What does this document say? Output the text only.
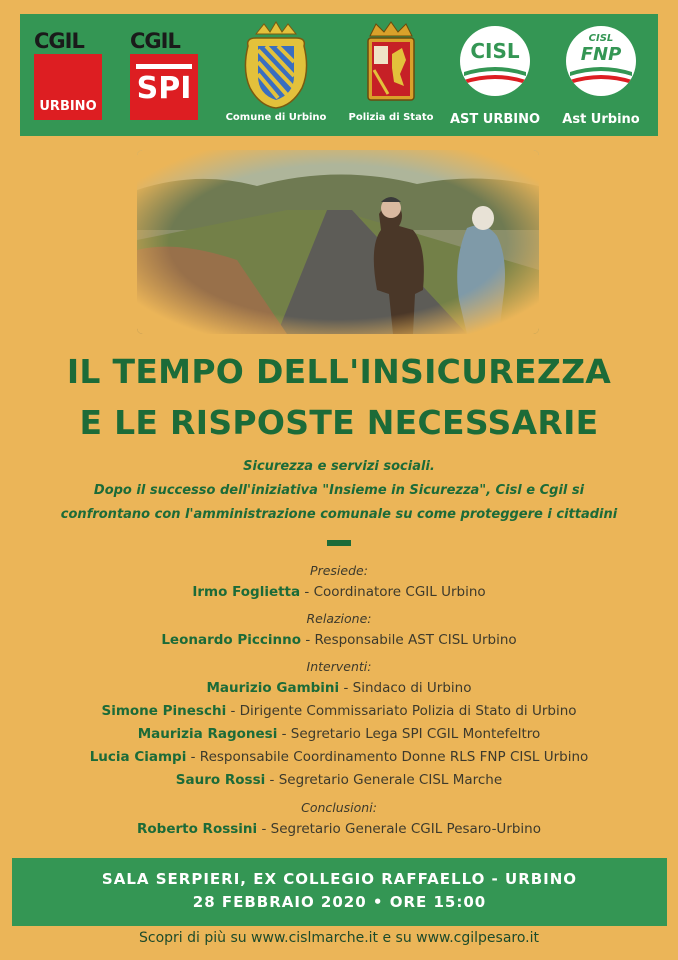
CGIL
URBINO
CGIL
SPI
Comune di Urbino	Polizia di Stato
CISL
AST URBINO
CISL
FNP
Ast Urbino
IL TEMPO DELL'INSICUREZZA
E LE RISPOSTE NECESSARIE
Sicurezza e servizi sociali.
Dopo il successo dell'iniziativa "Insieme in Sicurezza", Cisl e Cgil si
confrontano con l'amministrazione comunale su come proteggere i cittadini
Presiede:
Irmo Foglietta - Coordinatore CGIL Urbino
Relazione:
Leonardo Piccinno - Responsabile AST CISL Urbino
Interventi:
Maurizio Gambini - Sindaco di Urbino
Simone Pineschi - Dirigente Commissariato Polizia di Stato di Urbino
Maurizia Ragonesi - Segretario Lega SPI CGIL Montefeltro
Lucia Ciampi - Responsabile Coordinamento Donne RLS FNP CISL Urbino
Sauro Rossi - Segretario Generale CISL Marche
Conclusioni:
Roberto Rossini - Segretario Generale CGIL Pesaro-Urbino
SALA SERPIERI, EX COLLEGIO RAFFAELLO - URBINO
28 FEBBRAIO 2020 • ORE 15:00
Scopri di più su www.cislmarche.it e su www.cgilpesaro.it
